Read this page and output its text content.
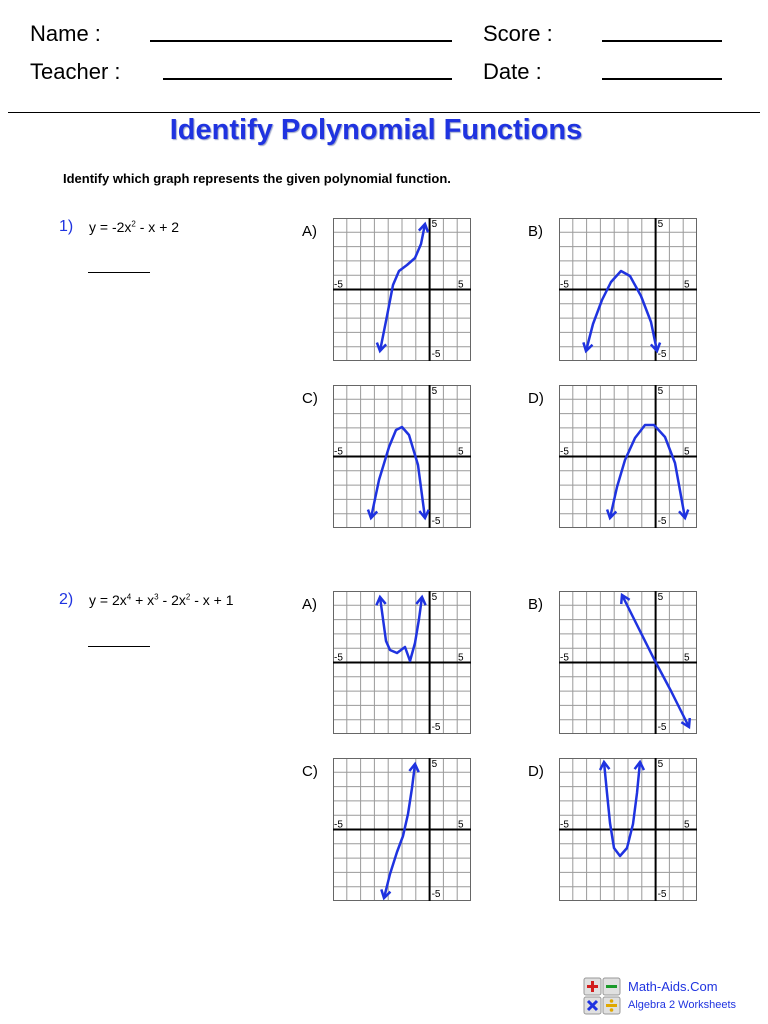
Name :
Teacher :
Score :
Date :
Identify Polynomial Functions
Identify which graph represents the given polynomial function.
1) $y = -2x^2 - x + 2$	A)	5
-5
-5	5
B)	5
-5
-5	5
C)	5
-5
-5	5
D)	5
-5
-5	5
2) $y = 2x^4 + x^3 - 2x^2 - x + 1$	A)	5
-5
-5	5
B)	5
-5
-5	5
C)	5
-5
-5	5
D)	5
-5
-5	5
Math-Aids.Com
Algebra 2 Worksheets
